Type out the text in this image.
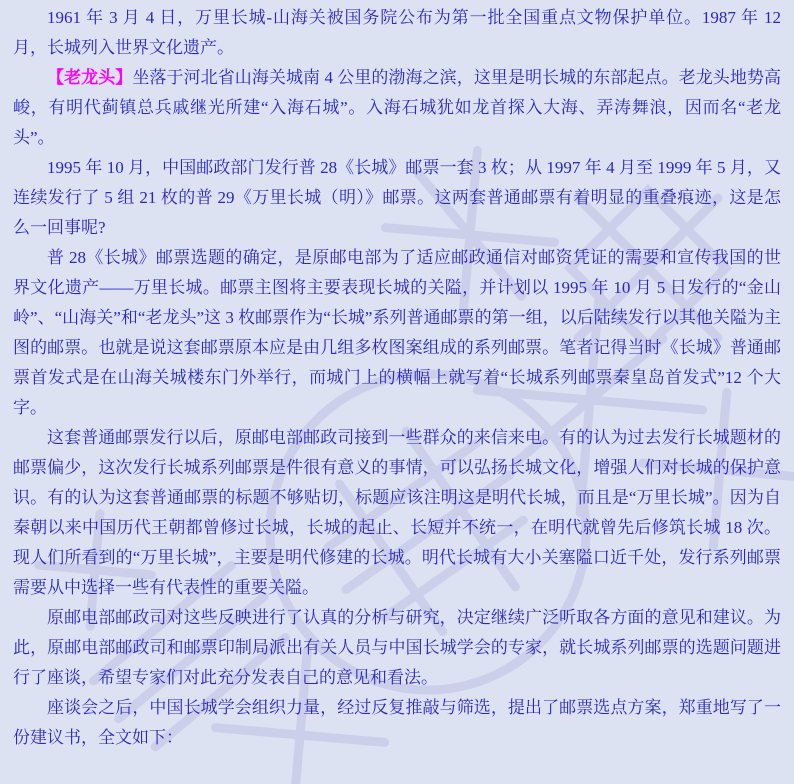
1961 年 3 月 4 日，万里长城-山海关被国务院公布为第一批全国重点文物保护单位。1987 年 12 月，长城列入世界文化遗产。

【老龙头】坐落于河北省山海关城南 4 公里的渤海之滨，这里是明长城的东部起点。老龙头地势高峻，有明代蓟镇总兵戚继光所建“入海石城”。入海石城犹如龙首探入大海、弄涛舞浪，因而名“老龙头”。

1995 年 10 月，中国邮政部门发行普 28《长城》邮票一套 3 枚；从 1997 年 4 月至 1999 年 5 月，又连续发行了 5 组 21 枚的普 29《万里长城（明）》邮票。这两套普通邮票有着明显的重叠痕迹，这是怎么一回事呢?

普 28《长城》邮票选题的确定，是原邮电部为了适应邮政通信对邮资凭证的需要和宣传我国的世界文化遗产——万里长城。邮票主图将主要表现长城的关隘，并计划以 1995 年 10 月 5 日发行的“金山岭”、“山海关”和“老龙头”这 3 枚邮票作为“长城”系列普通邮票的第一组，以后陆续发行以其他关隘为主图的邮票。也就是说这套邮票原本应是由几组多枚图案组成的系列邮票。笔者记得当时《长城》普通邮票首发式是在山海关城楼东门外举行，而城门上的横幅上就写着“长城系列邮票秦皇岛首发式”12 个大字。

这套普通邮票发行以后，原邮电部邮政司接到一些群众的来信来电。有的认为过去发行长城题材的邮票偏少，这次发行长城系列邮票是件很有意义的事情，可以弘扬长城文化，增强人们对长城的保护意识。有的认为这套普通邮票的标题不够贴切，标题应该注明这是明代长城，而且是“万里长城”。因为自秦朝以来中国历代王朝都曾修过长城，长城的起止、长短并不统一，在明代就曾先后修筑长城 18 次。现人们所看到的“万里长城”，主要是明代修建的长城。明代长城有大小关塞隘口近千处，发行系列邮票需要从中选择一些有代表性的重要关隘。

原邮电部邮政司对这些反映进行了认真的分析与研究，决定继续广泛听取各方面的意见和建议。为此，原邮电部邮政司和邮票印制局派出有关人员与中国长城学会的专家，就长城系列邮票的选题问题进行了座谈，希望专家们对此充分发表自己的意见和看法。

座谈会之后，中国长城学会组织力量，经过反复推敲与筛选，提出了邮票选点方案，郑重地写了一份建议书，全文如下：
